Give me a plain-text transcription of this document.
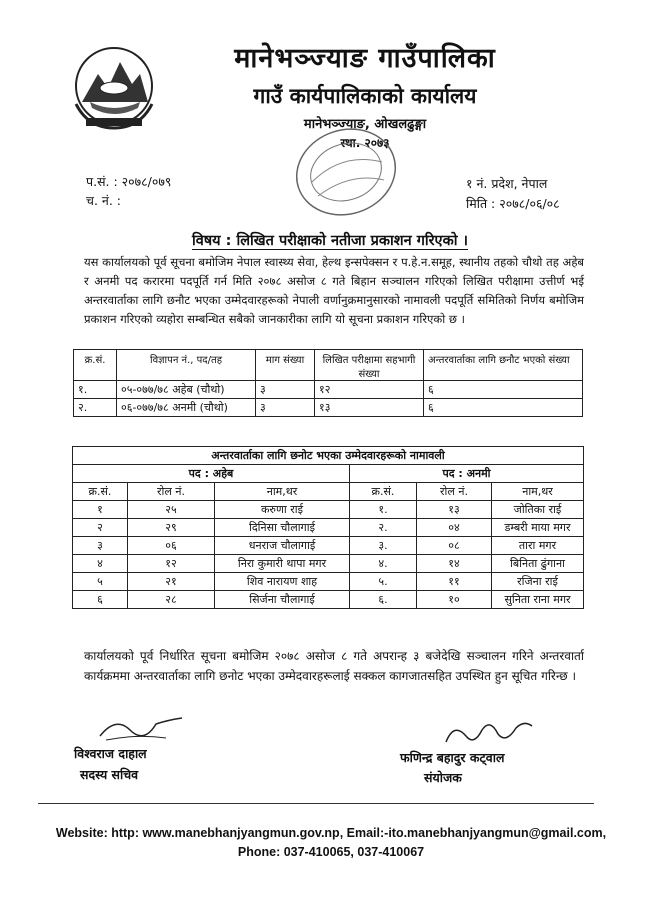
मानेभञ्ज्याङ गाउँपालिका
गाउँ कार्यपालिकाको कार्यालय
मानेभञ्ज्याङ, ओखलढुङ्गा
स्था. २०७३
प.सं. : २०७८/०७९
च. नं. :
१ नं. प्रदेश, नेपाल
मिति : २०७८/०६/०८
विषय : लिखित परीक्षाको नतीजा प्रकाशन गरिएको ।

यस कार्यालयको पूर्व सूचना बमोजिम नेपाल स्वास्थ्य सेवा, हेल्थ इन्सपेक्सन र प.हे.न.समूह, स्थानीय तहको चौथो तह अहेब र अनमी पद करारमा पदपूर्ति गर्न मिति २०७८ असोज ८ गते बिहान सञ्चालन गरिएको लिखित परीक्षामा उत्तीर्ण भई अन्तरवार्ताका लागि छनौट भएका उम्मेदवारहरूको नेपाली वर्णानुक्रमानुसारको नामावली पदपूर्ति समितिको निर्णय बमोजिम प्रकाशन गरिएको व्यहोरा सम्बन्धित सबैको जानकारीका लागि यो सूचना प्रकाशन गरिएको छ ।

क्र.सं.	विज्ञापन नं., पद/तह	माग संख्या	लिखित परीक्षामा सहभागी संख्या	अन्तरवार्ताका लागि छनौट भएको संख्या
१.	०५-०७७/७८ अहेब (चौथो)	३	१२	६
२.	०६-०७७/७८ अनमी (चौथो)	३	१३	६
अन्तरवार्ताका लागि छनोट भएका उम्मेदवारहरूको नामावली					
पद : अहेब			पद : अनमी		
क्र.सं.	रोल नं.	नाम,थर	क्र.सं.	रोल नं.	नाम,थर
१	२५	करुणा राई	१.	१३	जोतिका राई
२	२९	दिनिसा चौलागाई	२.	०४	डम्बरी माया मगर
३	०६	धनराज चौलागाई	३.	०८	तारा मगर
४	१२	निरा कुमारी थापा मगर	४.	१४	बिनिता ढुंगाना
५	२१	शिव नारायण शाह	५.	११	रजिना राई
६	२८	सिर्जना चौलागाई	६.	१०	सुनिता राना मगर

कार्यालयको पूर्व निर्धारित सूचना बमोजिम २०७८ असोज ८ गते अपरान्ह ३ बजेदेखि सञ्चालन गरिने अन्तरवार्ता कार्यक्रममा अन्तरवार्ताका लागि छनोट भएका उम्मेदवारहरूलाई सक्कल कागजातसहित उपस्थित हुन सूचित गरिन्छ ।

विश्वराज दाहाल
सदस्य सचिव
फणिन्द्र बहादुर कट्वाल
संयोजक
Website: http: www.manebhanjyangmun.gov.np, Email:-ito.manebhanjyangmun@gmail.com,
Phone: 037-410065, 037-410067
